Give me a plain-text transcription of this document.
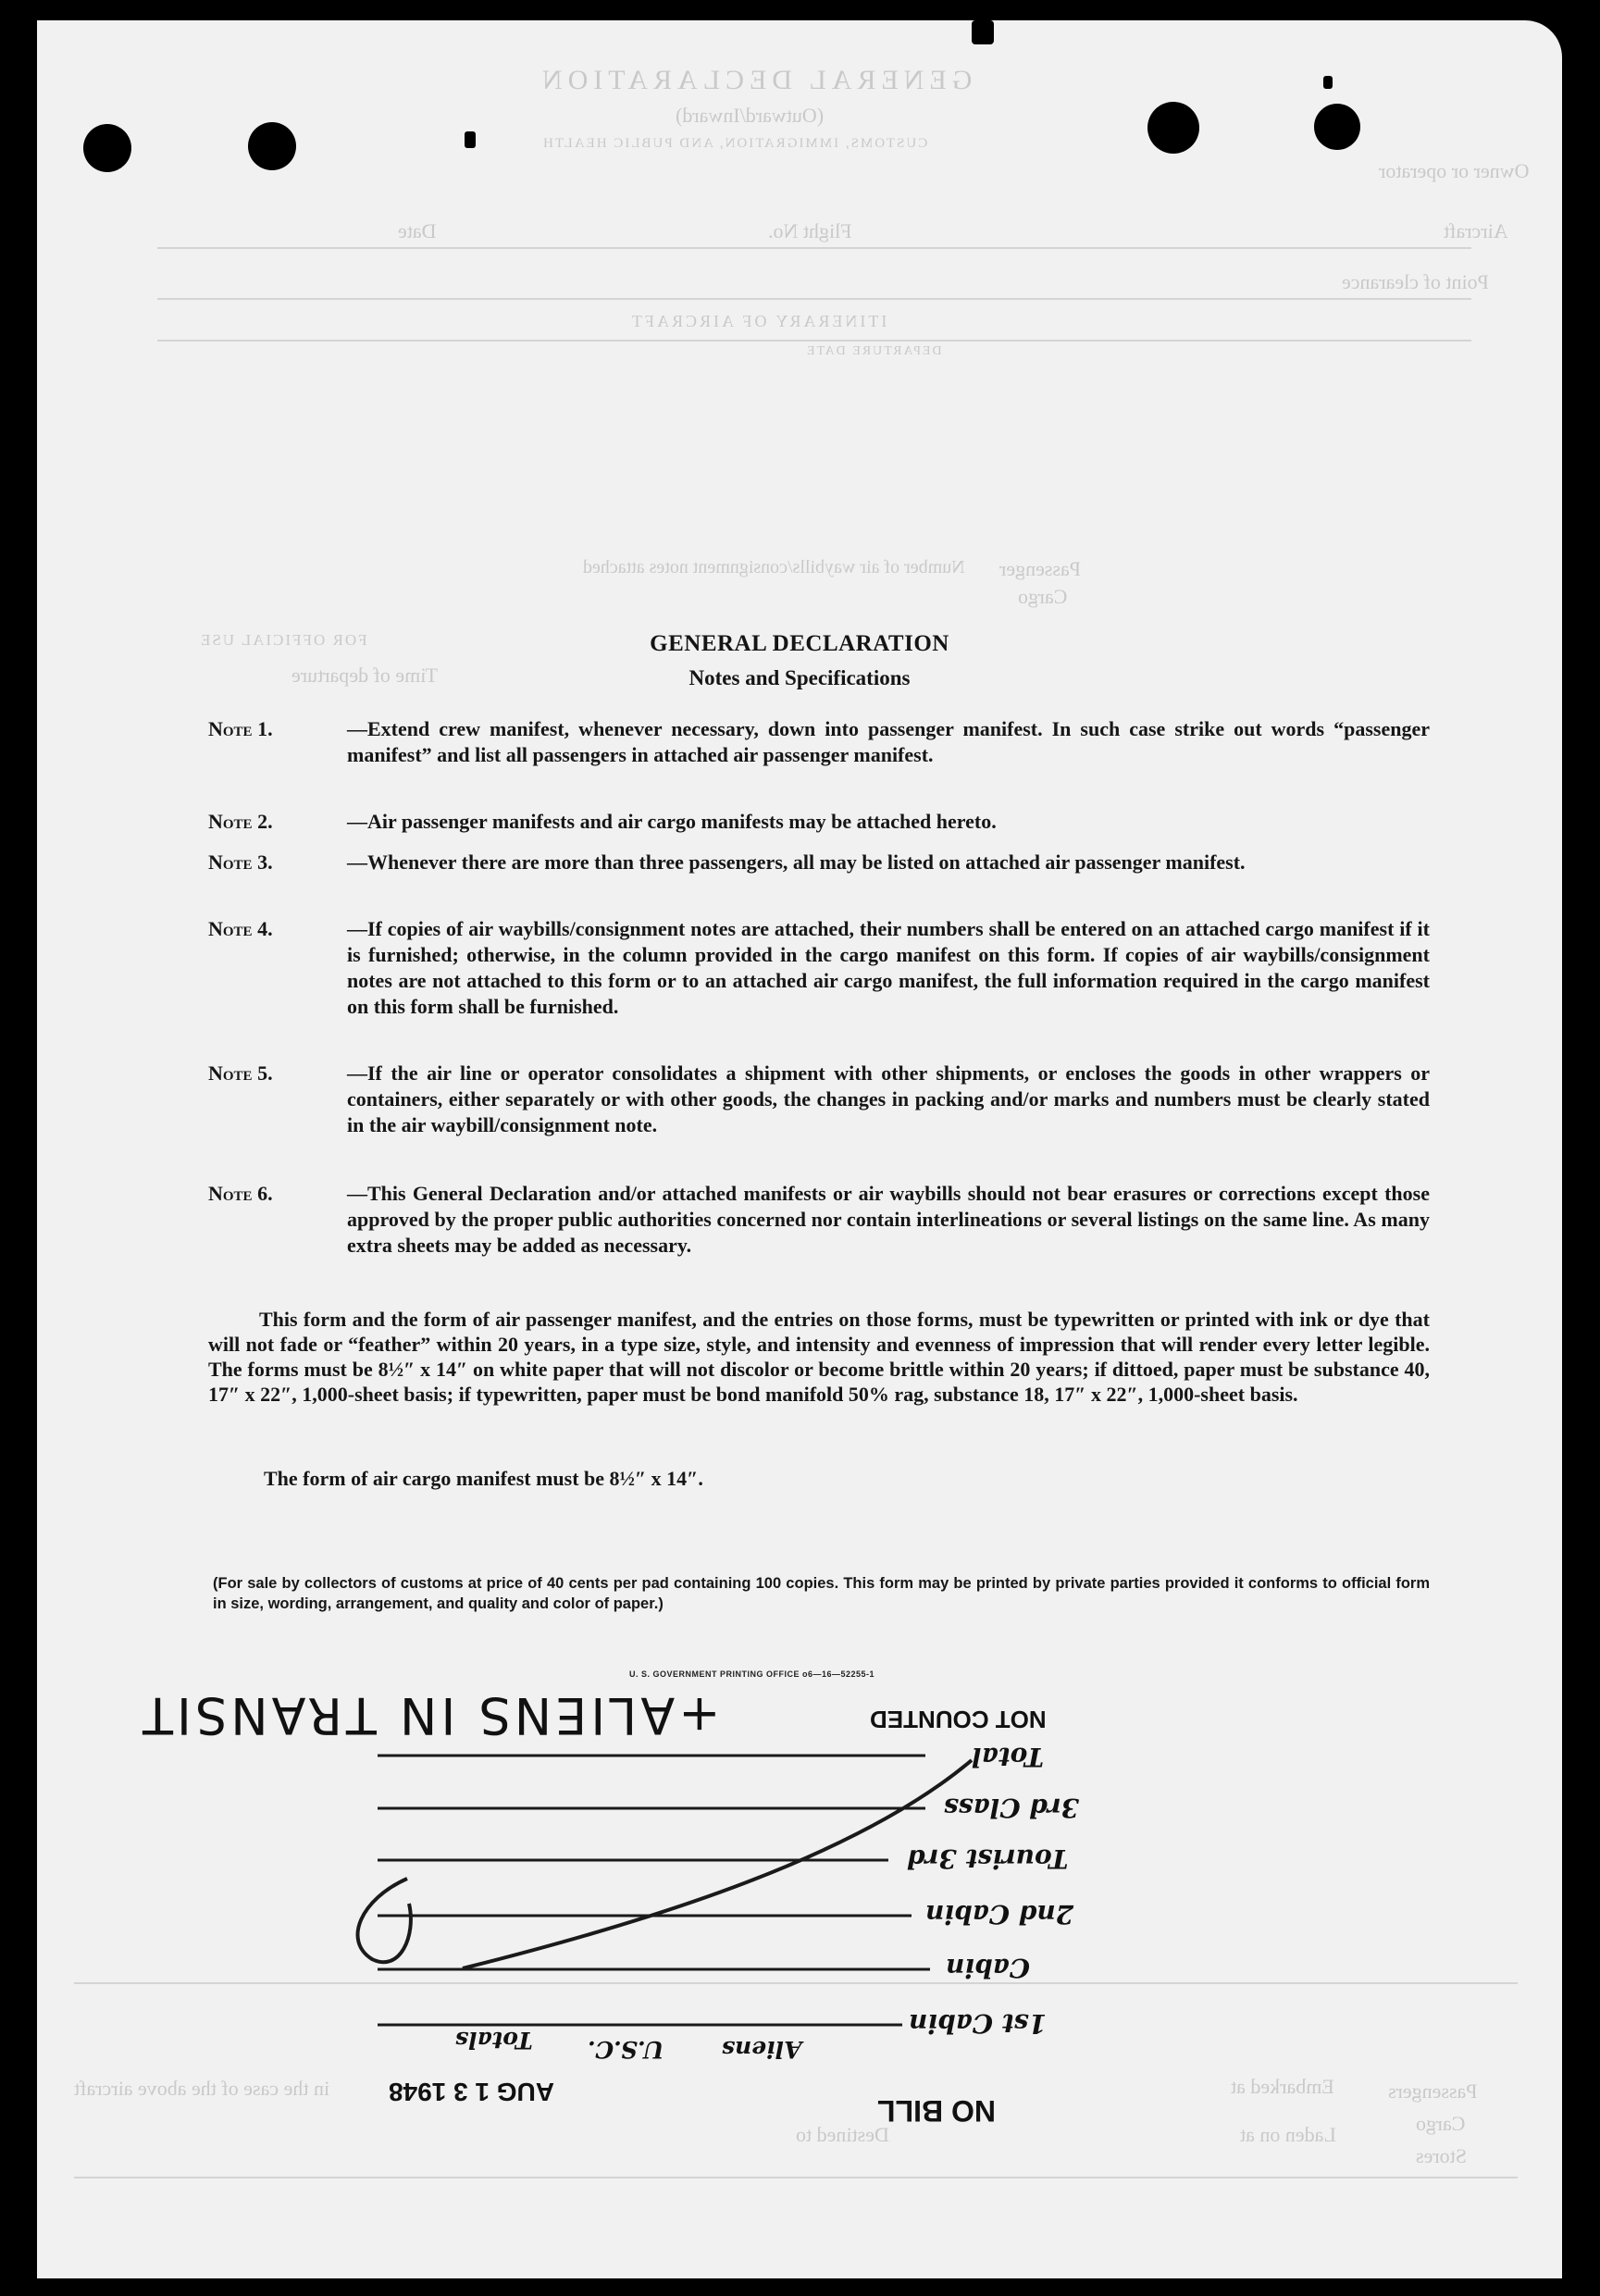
GENERAL DECLARATION
(Outward/Inward)
CUSTOMS, IMMIGRATION, AND PUBLIC HEALTH
Owner or operator
Aircraft
Flight No.
Date
Point of clearance
ITINERARY OF AIRCRAFT
DEPARTURE DATE
Passenger
Cargo
Number of air waybills/consignment notes attached
FOR OFFICIAL USE
Time of departure
Passengers
Cargo
Stores
Embarked at
Laden on at
Destined to
in the case of the above aircraft
GENERAL DECLARATION
Notes and Specifications
Note 1.	—Extend crew manifest, whenever necessary, down into passenger manifest. In such case strike out words “passenger manifest” and list all passengers in attached air passenger manifest.
Note 2.	—Air passenger manifests and air cargo manifests may be attached hereto.
Note 3.	—Whenever there are more than three passengers, all may be listed on attached air passenger manifest.
Note 4.	—If copies of air waybills/consignment notes are attached, their numbers shall be entered on an attached cargo manifest if it is furnished; otherwise, in the column provided in the cargo manifest on this form. If copies of air waybills/consignment notes are not attached to this form or to an attached air cargo manifest, the full information required in the cargo manifest on this form shall be furnished.
Note 5.	—If the air line or operator consolidates a shipment with other shipments, or encloses the goods in other wrappers or containers, either separately or with other goods, the changes in packing and/or marks and numbers must be clearly stated in the air waybill/consignment note.
Note 6.	—This General Declaration and/or attached manifests or air waybills should not bear erasures or corrections except those approved by the proper public authorities concerned nor contain interlineations or several listings on the same line. As many extra sheets may be added as necessary.
This form and the form of air passenger manifest, and the entries on those forms, must be typewritten or printed with ink or dye that will not fade or “feather” within 20 years, in a type size, style, and intensity and evenness of impression that will render every letter legible. The forms must be 8½″ x 14″ on white paper that will not discolor or become brittle within 20 years; if dittoed, paper must be substance 40, 17″ x 22″, 1,000-sheet basis; if typewritten, paper must be bond manifold 50% rag, substance 18, 17″ x 22″, 1,000-sheet basis.
The form of air cargo manifest must be 8½″ x 14″.
(For sale by collectors of customs at price of 40 cents per pad containing 100 copies. This form may be printed by private parties provided it conforms to official form in size, wording, arrangement, and quality and color of paper.)
U. S. GOVERNMENT PRINTING OFFICE o6—16—52255-1
+ALIENS IN TRANSIT	NOT COUNTED
Total
3rd Class
Tourist 3rd
2nd Cabin
Cabin
1st Cabin
Aliens
U.S.C.
Totals
AUG 1 3 1948
NO BILL
